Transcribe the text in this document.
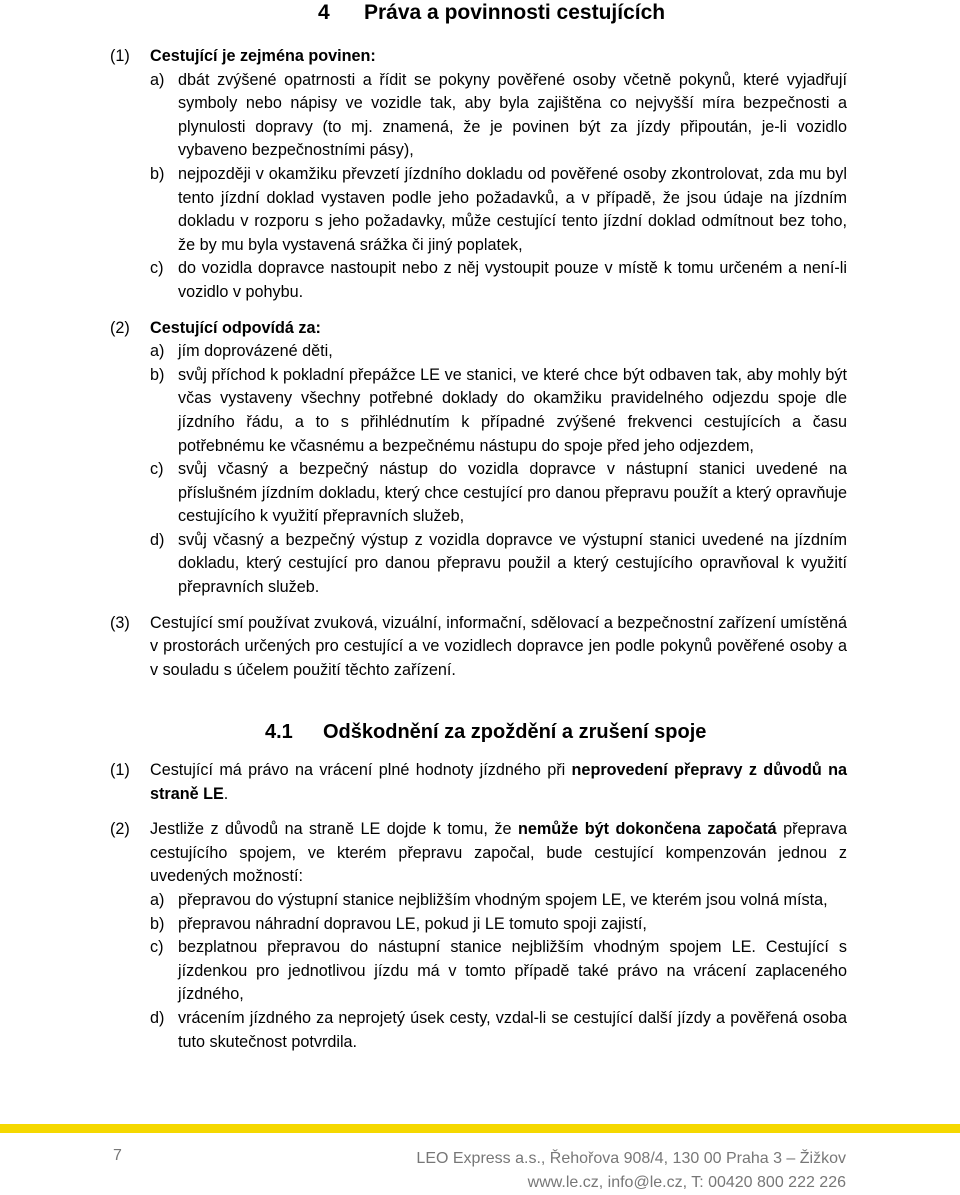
4 Práva a povinnosti cestujících
(1)	Cestující je zejména povinen:
a) dbát zvýšené opatrnosti a řídit se pokyny pověřené osoby včetně pokynů, které vyjadřují symboly nebo nápisy ve vozidle tak, aby byla zajištěna co nejvyšší míra bezpečnosti a plynulosti dopravy (to mj. znamená, že je povinen být za jízdy připoután, je-li vozidlo vybaveno bezpečnostními pásy),
b) nejpozději v okamžiku převzetí jízdního dokladu od pověřené osoby zkontrolovat, zda mu byl tento jízdní doklad vystaven podle jeho požadavků, a v případě, že jsou údaje na jízdním dokladu v rozporu s jeho požadavky, může cestující tento jízdní doklad odmítnout bez toho, že by mu byla vystavená srážka či jiný poplatek,
c) do vozidla dopravce nastoupit nebo z něj vystoupit pouze v místě k tomu určeném a není-li vozidlo v pohybu.
(2)	Cestující odpovídá za:
a) jím doprovázené děti,
b) svůj příchod k pokladní přepážce LE ve stanici, ve které chce být odbaven tak, aby mohly být včas vystaveny všechny potřebné doklady do okamžiku pravidelného odjezdu spoje dle jízdního řádu, a to s přihlédnutím k případné zvýšené frekvenci cestujících a času potřebnému ke včasnému a bezpečnému nástupu do spoje před jeho odjezdem,
c) svůj včasný a bezpečný nástup do vozidla dopravce v nástupní stanici uvedené na příslušném jízdním dokladu, který chce cestující pro danou přepravu použít a který opravňuje cestujícího k využití přepravních služeb,
d) svůj včasný a bezpečný výstup z vozidla dopravce ve výstupní stanici uvedené na jízdním dokladu, který cestující pro danou přepravu použil a který cestujícího opravňoval k využití přepravních služeb.
(3)	Cestující smí používat zvuková, vizuální, informační, sdělovací a bezpečnostní zařízení umístěná v prostorách určených pro cestující a ve vozidlech dopravce jen podle pokynů pověřené osoby a v souladu s účelem použití těchto zařízení.
4.1 Odškodnění za zpoždění a zrušení spoje
(1)	Cestující má právo na vrácení plné hodnoty jízdného při neprovedení přepravy z důvodů na straně LE.
(2)	Jestliže z důvodů na straně LE dojde k tomu, že nemůže být dokončena započatá přeprava cestujícího spojem, ve kterém přepravu započal, bude cestující kompenzován jednou z uvedených možností:
a) přepravou do výstupní stanice nejbližším vhodným spojem LE, ve kterém jsou volná místa,
b) přepravou náhradní dopravou LE, pokud ji LE tomuto spoji zajistí,
c) bezplatnou přepravou do nástupní stanice nejbližším vhodným spojem LE. Cestující s jízdenkou pro jednotlivou jízdu má v tomto případě také právo na vrácení zaplaceného jízdného,
d) vrácením jízdného za neprojetý úsek cesty, vzdal-li se cestující další jízdy a pověřená osoba tuto skutečnost potvrdila.
7	LEO Express a.s., Řehořova 908/4, 130 00 Praha 3 – Žižkov
www.le.cz, info@le.cz, T: 00420 800 222 226
